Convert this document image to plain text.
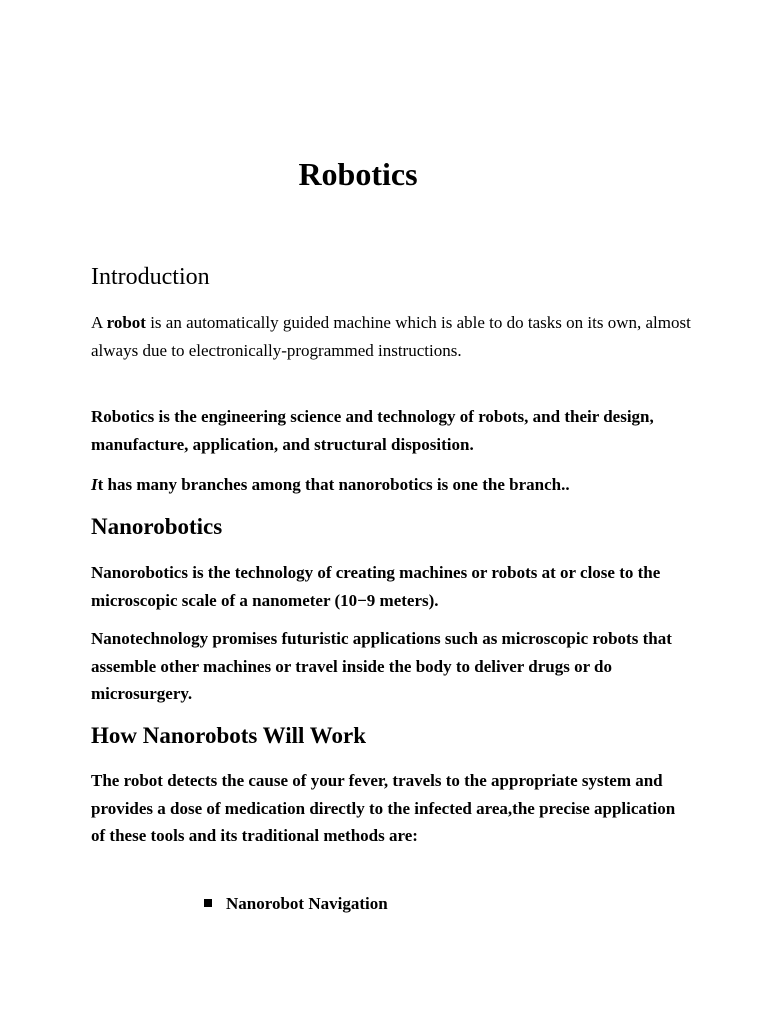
Robotics
Introduction

A robot is an automatically guided machine which is able to do tasks on its own, almost always due to electronically-programmed instructions.

Robotics is the engineering science and technology of robots, and their design, manufacture, application, and structural disposition.

It has many branches among that nanorobotics is one the branch..

Nanorobotics

Nanorobotics is the technology of creating machines or robots at or close to the microscopic scale of a nanometer (10−9 meters).

Nanotechnology promises futuristic applications such as microscopic robots that assemble other machines or travel inside the body to deliver drugs or do microsurgery.

How Nanorobots Will Work

The robot detects the cause of your fever, travels to the appropriate system and provides a dose of medication directly to the infected area,the precise application of these tools and its traditional methods are:

Nanorobot Navigation
